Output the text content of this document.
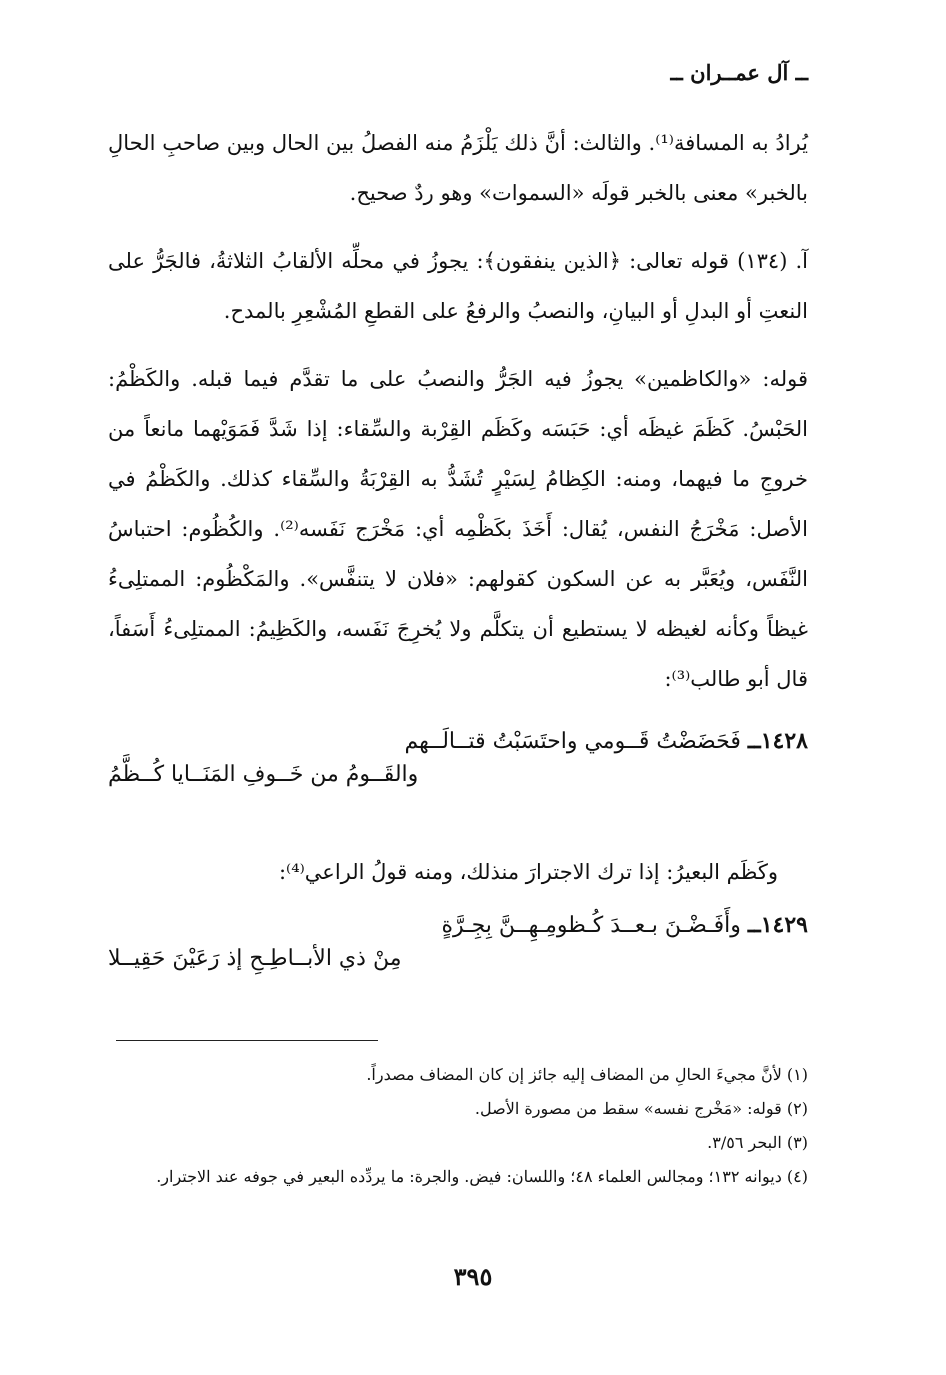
ــ آل عمــران ــ

يُرادُ به المسافة⁽¹⁾. والثالث: أنَّ ذلك يَلْزَمُ منه الفصلُ بين الحال وبين صاحبِ الحالِ بالخبر» معنى بالخبر قولَه «السموات» وهو ردٌ صحيح.

آ. (١٣٤) قوله تعالى: ﴿الذين ينفقون﴾: يجوزُ في محلِّه الألقابُ الثلاثةُ، فالجَرُّ على النعتِ أو البدلِ أو البيانِ، والنصبُ والرفعُ على القطعِ المُشْعِرِ بالمدح.

قوله: «والكاظمين» يجوزُ فيه الجَرُّ والنصبُ على ما تقدَّم فيما قبله. والكَظْمُ: الحَبْسُ. كَظَمَ غيظَه أي: حَبَسَه وكَظَم القِرْبة والسِّقاء: إذا شَدَّ فَمَوَيْهما مانعاً من خروجِ ما فيهما، ومنه: الكِظامُ لِسَيْرٍ تُشَدُّ به القِرْبَةُ والسِّقاء كذلك. والكَظْمُ في الأصل: مَخْرَجُ النفس، يُقال: أَخَذَ بكَظْمِه أي: مَخْرَج نَفَسه⁽²⁾. والكُظُوم: احتباسُ النَّفَس، ويُعَبَّر به عن السكون كقولهم: «فلان لا يتنفَّس». والمَكْظُوم: الممتلِىءُ غيظاً وكأنه لغيظه لا يستطيع أن يتكلَّم ولا يُخرِجَ نَفَسه، والكَظِيمُ: الممتلِىءُ أَسَفاً، قال أبو طالب⁽³⁾:

١٤٢٨ــ فَحَضَضْتُ قَــومي واحتَسَبْتُ قتــالَــهم
والقَــومُ من خَــوفِ المَنَــايا كُــظَّمُ
وكَظَم البعيرُ: إذا ترك الاجترارَ منذلك، ومنه قولُ الراعي⁽⁴⁾:
١٤٢٩ــ وأَفَـضْـنَ بـعــدَ كُـظومِـهِــنَّ بِجِـرَّةٍ
مِنْ ذي الأبــاطِـحِ إذ رَعَيْنَ حَقِيــلا
(١) لأنَّ مجيءَ الحالِ من المضاف إليه جائز إن كان المضاف مصدراً.
(٢) قوله: «مَخْرج نفسه» سقط من مصورة الأصل.
(٣) البحر ٣/٥٦.
(٤) ديوانه ١٣٢؛ ومجالس العلماء ٤٨؛ واللسان: فيض. والجرة: ما يردِّده البعير في جوفه عند الاجترار.
٣٩٥
